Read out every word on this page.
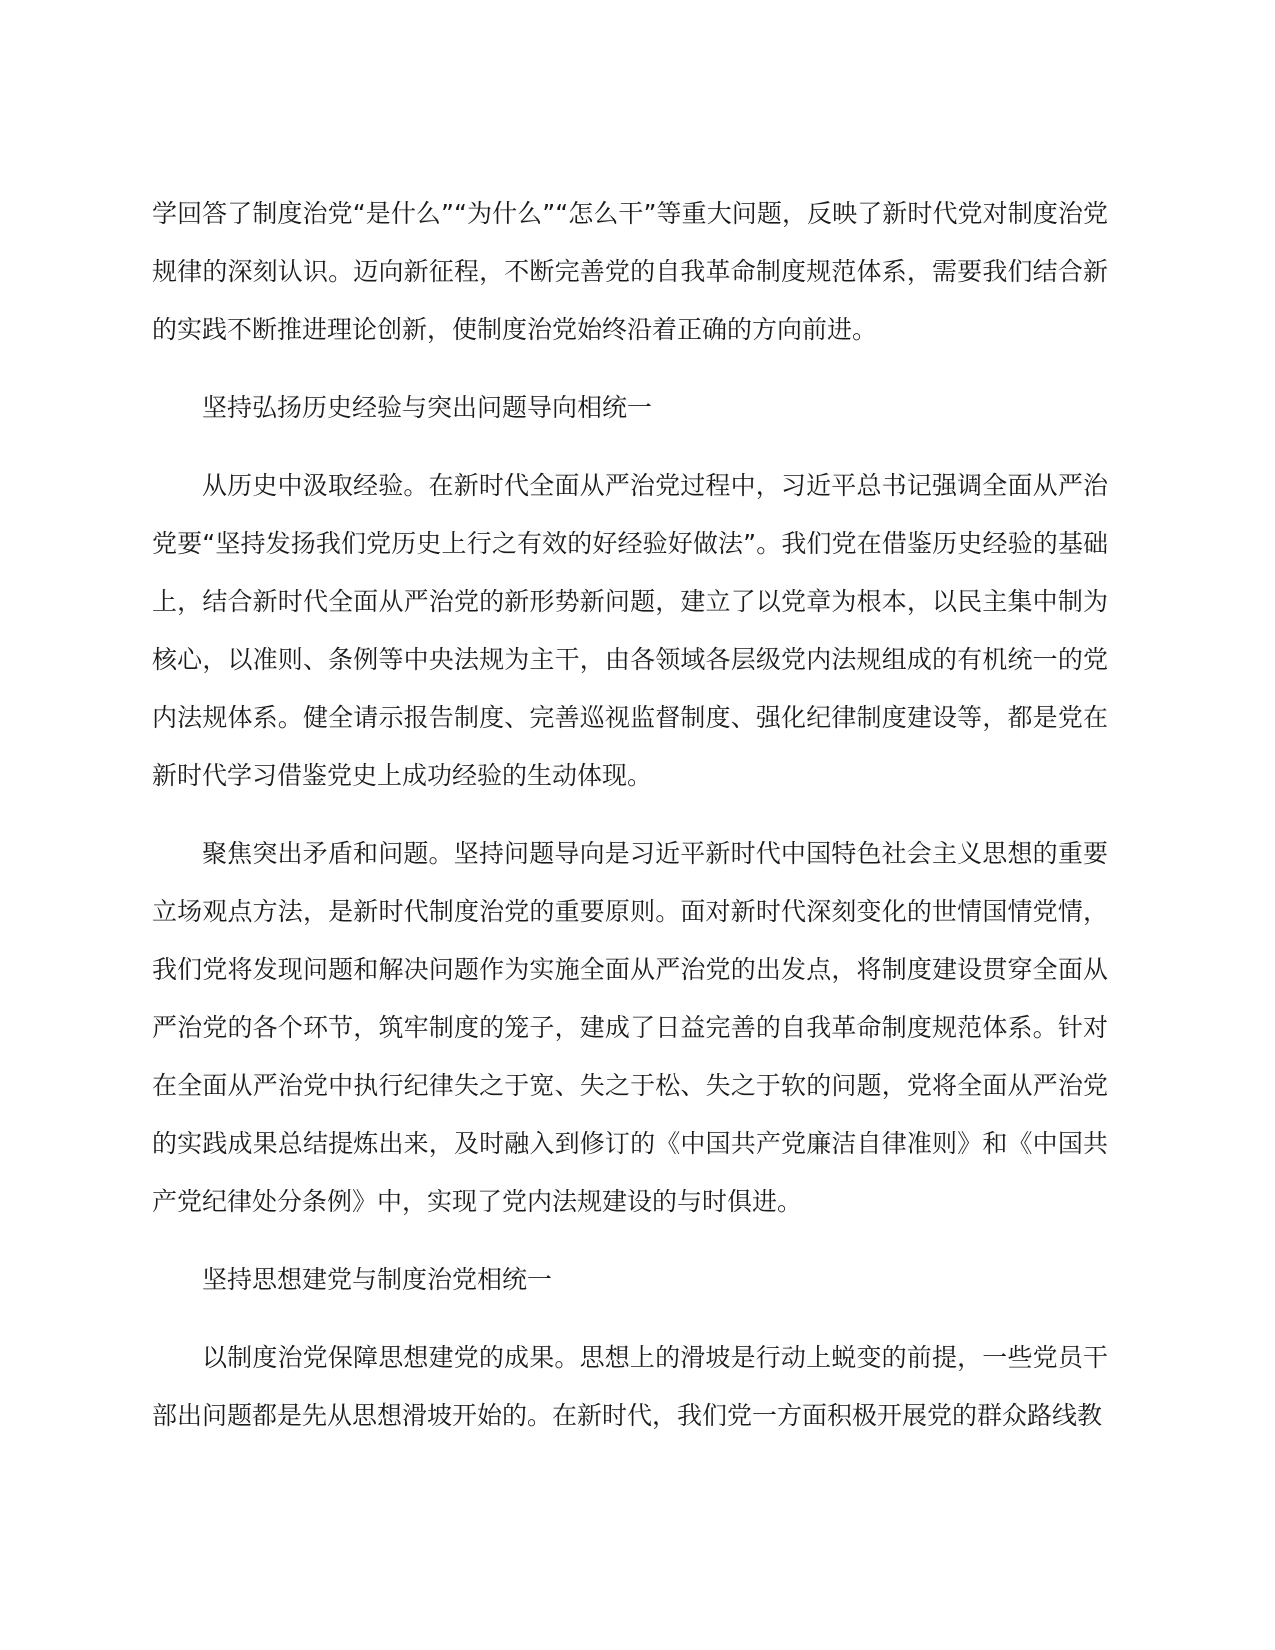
学回答了制度治党“是什么”“为什么”“怎么干”等重大问题，反映了新时代党对制度治党规律的深刻认识。迈向新征程，不断完善党的自我革命制度规范体系，需要我们结合新的实践不断推进理论创新，使制度治党始终沿着正确的方向前进。

坚持弘扬历史经验与突出问题导向相统一

从历史中汲取经验。在新时代全面从严治党过程中，习近平总书记强调全面从严治党要“坚持发扬我们党历史上行之有效的好经验好做法”。我们党在借鉴历史经验的基础上，结合新时代全面从严治党的新形势新问题，建立了以党章为根本，以民主集中制为核心，以准则、条例等中央法规为主干，由各领域各层级党内法规组成的有机统一的党内法规体系。健全请示报告制度、完善巡视监督制度、强化纪律制度建设等，都是党在新时代学习借鉴党史上成功经验的生动体现。

聚焦突出矛盾和问题。坚持问题导向是习近平新时代中国特色社会主义思想的重要立场观点方法，是新时代制度治党的重要原则。面对新时代深刻变化的世情国情党情，我们党将发现问题和解决问题作为实施全面从严治党的出发点，将制度建设贯穿全面从严治党的各个环节，筑牢制度的笼子，建成了日益完善的自我革命制度规范体系。针对在全面从严治党中执行纪律失之于宽、失之于松、失之于软的问题，党将全面从严治党的实践成果总结提炼出来，及时融入到修订的《中国共产党廉洁自律准则》和《中国共产党纪律处分条例》中，实现了党内法规建设的与时俱进。

坚持思想建党与制度治党相统一

以制度治党保障思想建党的成果。思想上的滑坡是行动上蜕变的前提，一些党员干部出问题都是先从思想滑坡开始的。在新时代，我们党一方面积极开展党的群众路线教
